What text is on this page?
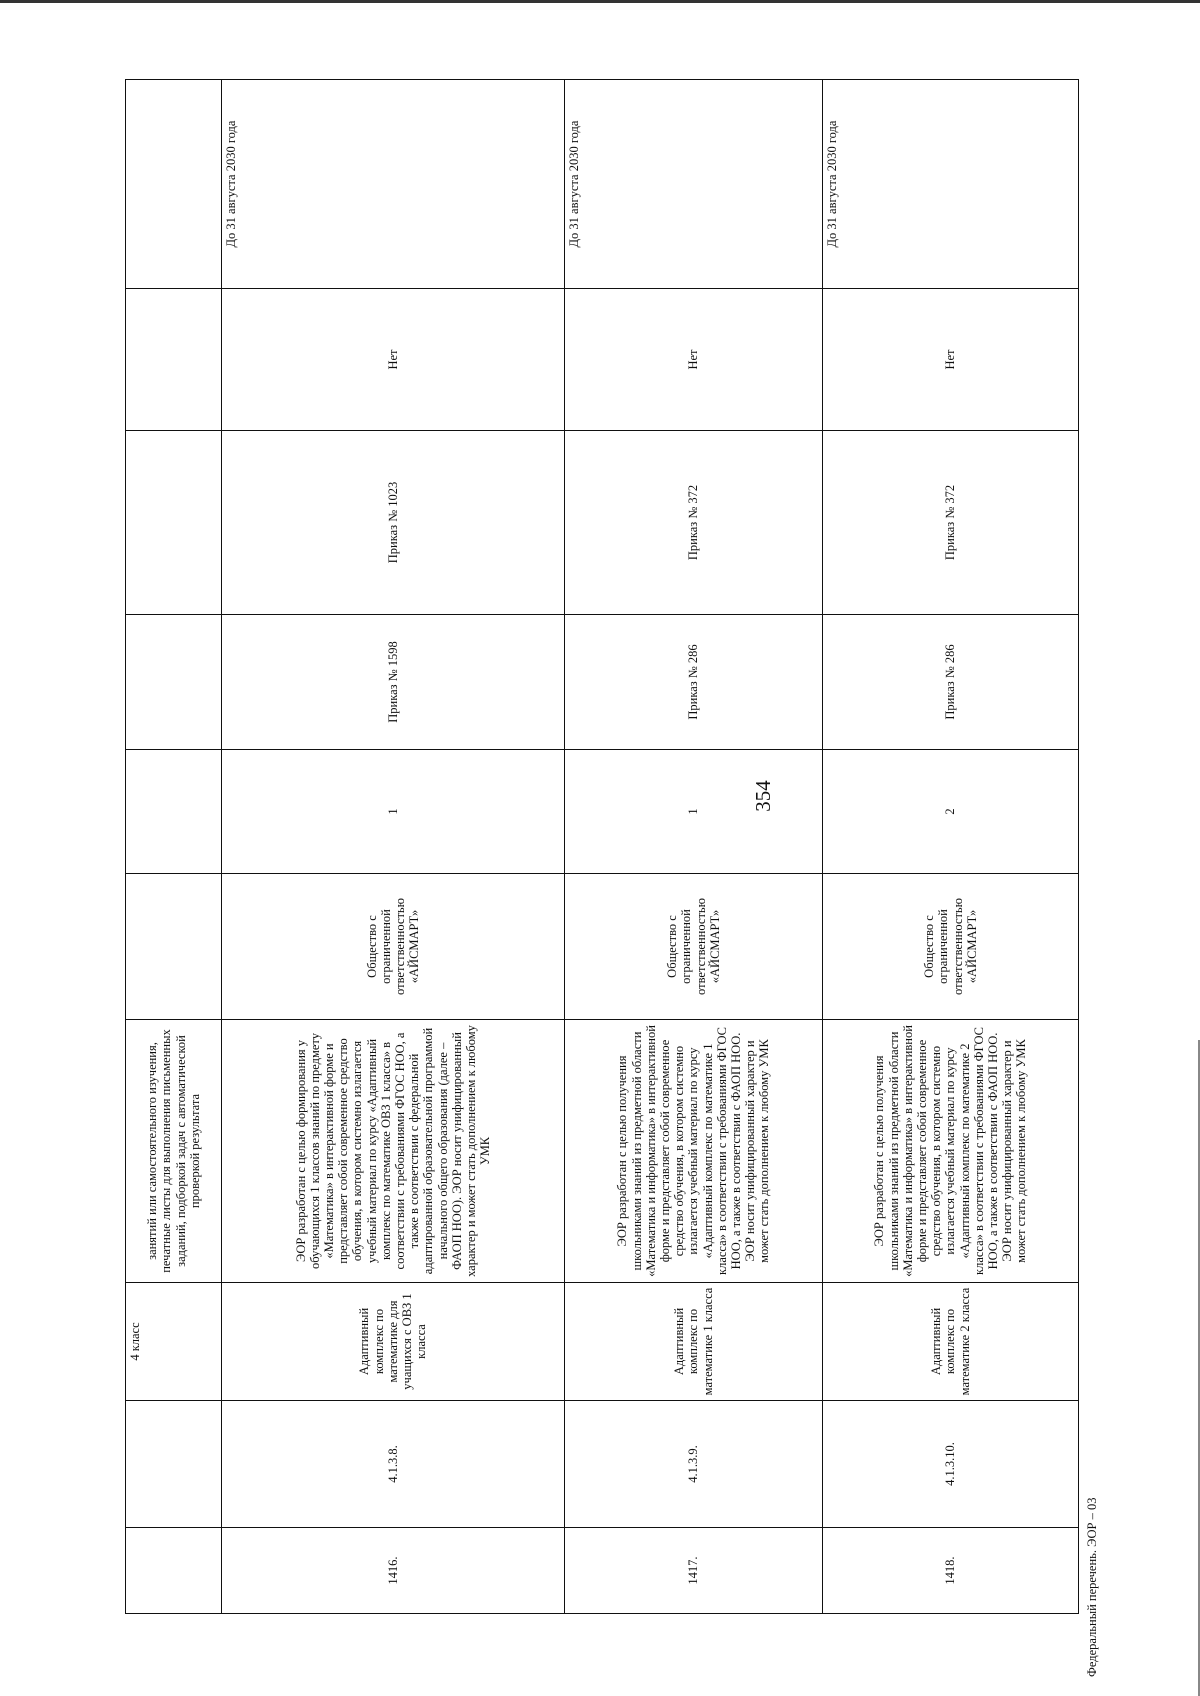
354
		4 класс	занятий или самостоятельного изучения, печатные листы для выполнения письменных заданий, подборкой задач с автоматической проверкой результата						
1416.	4.1.3.8.	Адаптивный комплекс по математике для учащихся с ОВЗ 1 класса	ЭОР разработан с целью формирования у обучающихся 1 классов знаний по предмету «Математика» в интерактивной форме и представляет собой современное средство обучения, в котором системно излагается учебный материал по курсу «Адаптивный комплекс по математике ОВЗ 1 класса» в соответствии с требованиями ФГОС НОО, а также в соответствии с федеральной адаптированной образовательной программой начального общего образования (далее – ФАОП НОО). ЭОР носит унифицированный характер и может стать дополнением к любому УМК	Общество с ограниченной ответственностью «АЙСМАРТ»	1	Приказ № 1598	Приказ № 1023	Нет	До 31 августа 2030 года
1417.	4.1.3.9.	Адаптивный комплекс по математике 1 класса	ЭОР разработан с целью получения школьниками знаний из предметной области «Математика и информатика» в интерактивной форме и представляет собой современное средство обучения, в котором системно излагается учебный материал по курсу «Адаптивный комплекс по математике 1 класса» в соответствии с требованиями ФГОС НОО, а также в соответствии с ФАОП НОО. ЭОР носит унифицированный характер и может стать дополнением к любому УМК	Общество с ограниченной ответственностью «АЙСМАРТ»	1	Приказ № 286	Приказ № 372	Нет	До 31 августа 2030 года
1418.	4.1.3.10.	Адаптивный комплекс по математике 2 класса	ЭОР разработан с целью получения школьниками знаний из предметной области «Математика и информатика» в интерактивной форме и представляет собой современное средство обучения, в котором системно излагается учебный материал по курсу «Адаптивный комплекс по математике 2 класса» в соответствии с требованиями ФГОС НОО, а также в соответствии с ФАОП НОО. ЭОР носит унифицированный характер и может стать дополнением к любому УМК	Общество с ограниченной ответственностью «АЙСМАРТ»	2	Приказ № 286	Приказ № 372	Нет	До 31 августа 2030 года
Федеральный перечень. ЭОР – 03
